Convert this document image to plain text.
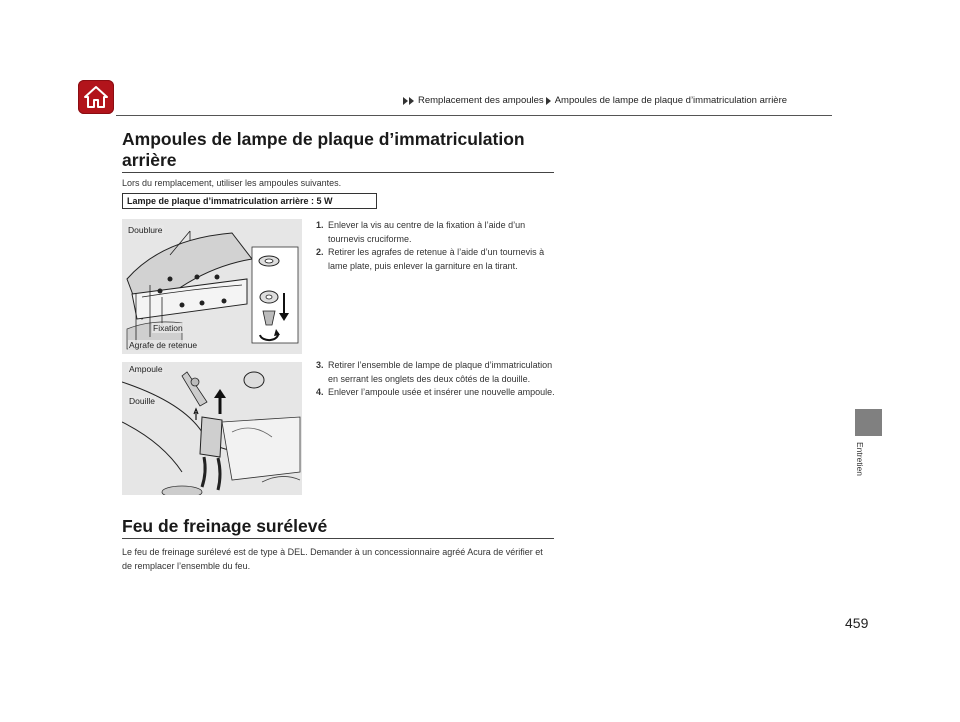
Remplacement des ampoules Ampoules de lampe de plaque d’immatriculation arrière
Ampoules de lampe de plaque d’immatriculation arrière
Lors du remplacement, utiliser les ampoules suivantes.
Lampe de plaque d’immatriculation arrière : 5 W
Doublure
Fixation
Agrafe de retenue
1. Enlever la vis au centre de la fixation à l’aide d’un tournevis cruciforme.
2. Retirer les agrafes de retenue à l’aide d’un tournevis à lame plate, puis enlever la garniture en la tirant.
Ampoule
Douille
3. Retirer l’ensemble de lampe de plaque d’immatriculation en serrant les onglets des deux côtés de la douille.
4. Enlever l’ampoule usée et insérer une nouvelle ampoule.
Feu de freinage surélevé
Le feu de freinage surélevé est de type à DEL. Demander à un concessionnaire agréé Acura de vérifier et de remplacer l’ensemble du feu.
Entretien
459
